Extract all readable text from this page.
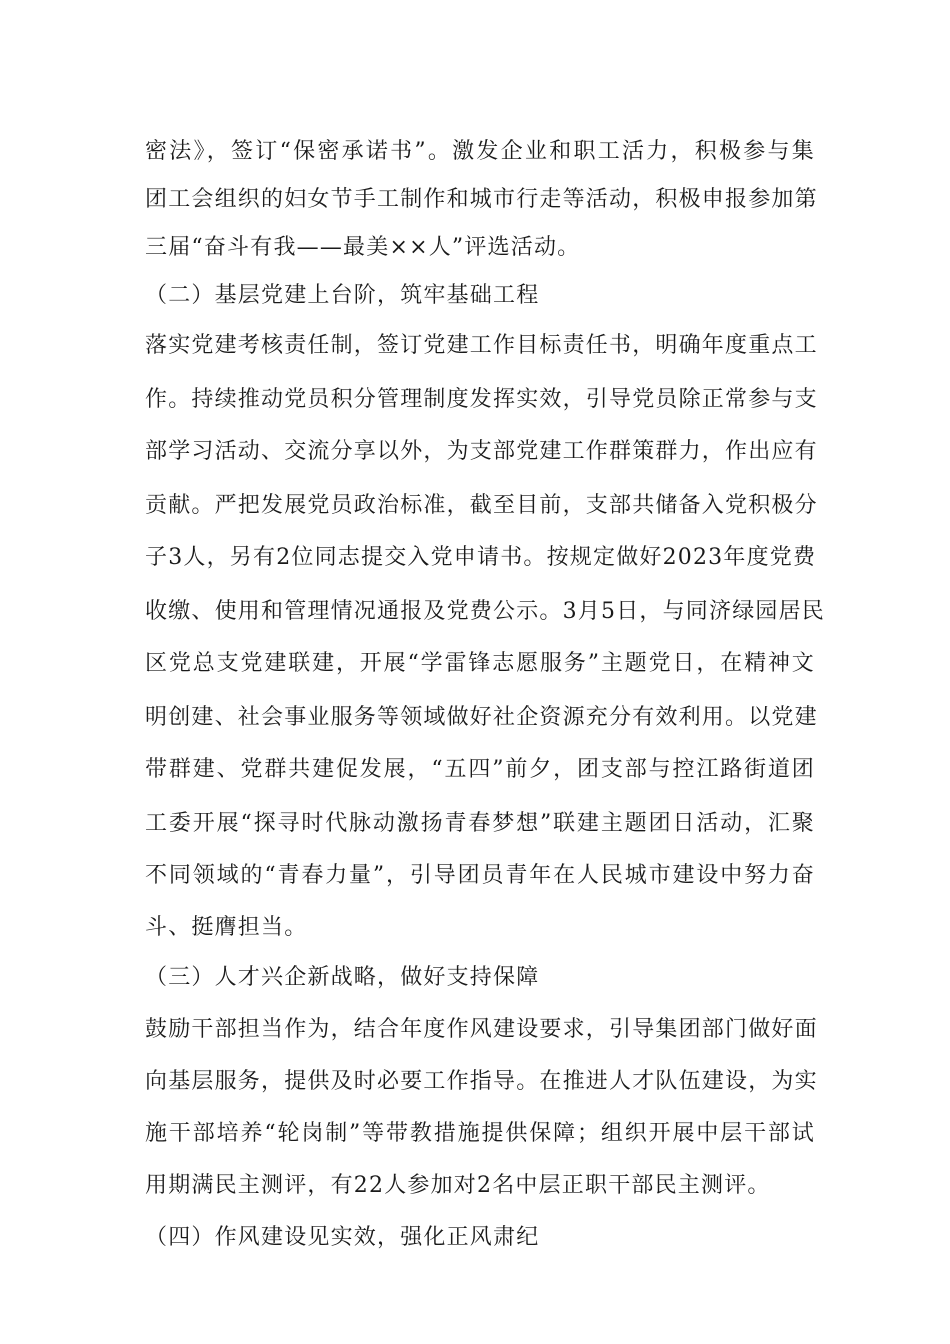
密法》，签订“保密承诺书”。激发企业和职工活力，积极参与集
团工会组织的妇女节手工制作和城市行走等活动，积极申报参加第
三届“奋斗有我——最美××人”评选活动。
（二）基层党建上台阶，筑牢基础工程
落实党建考核责任制，签订党建工作目标责任书，明确年度重点工
作。持续推动党员积分管理制度发挥实效，引导党员除正常参与支
部学习活动、交流分享以外，为支部党建工作群策群力，作出应有
贡献。严把发展党员政治标准，截至目前，支部共储备入党积极分
子3人，另有2位同志提交入党申请书。按规定做好2023年度党费
收缴、使用和管理情况通报及党费公示。3月5日，与同济绿园居民
区党总支党建联建，开展“学雷锋志愿服务”主题党日，在精神文
明创建、社会事业服务等领域做好社企资源充分有效利用。以党建
带群建、党群共建促发展，“五四”前夕，团支部与控江路街道团
工委开展“探寻时代脉动激扬青春梦想”联建主题团日活动，汇聚
不同领域的“青春力量”，引导团员青年在人民城市建设中努力奋
斗、挺膺担当。
（三）人才兴企新战略，做好支持保障
鼓励干部担当作为，结合年度作风建设要求，引导集团部门做好面
向基层服务，提供及时必要工作指导。在推进人才队伍建设，为实
施干部培养“轮岗制”等带教措施提供保障；组织开展中层干部试
用期满民主测评，有22人参加对2名中层正职干部民主测评。
（四）作风建设见实效，强化正风肃纪
